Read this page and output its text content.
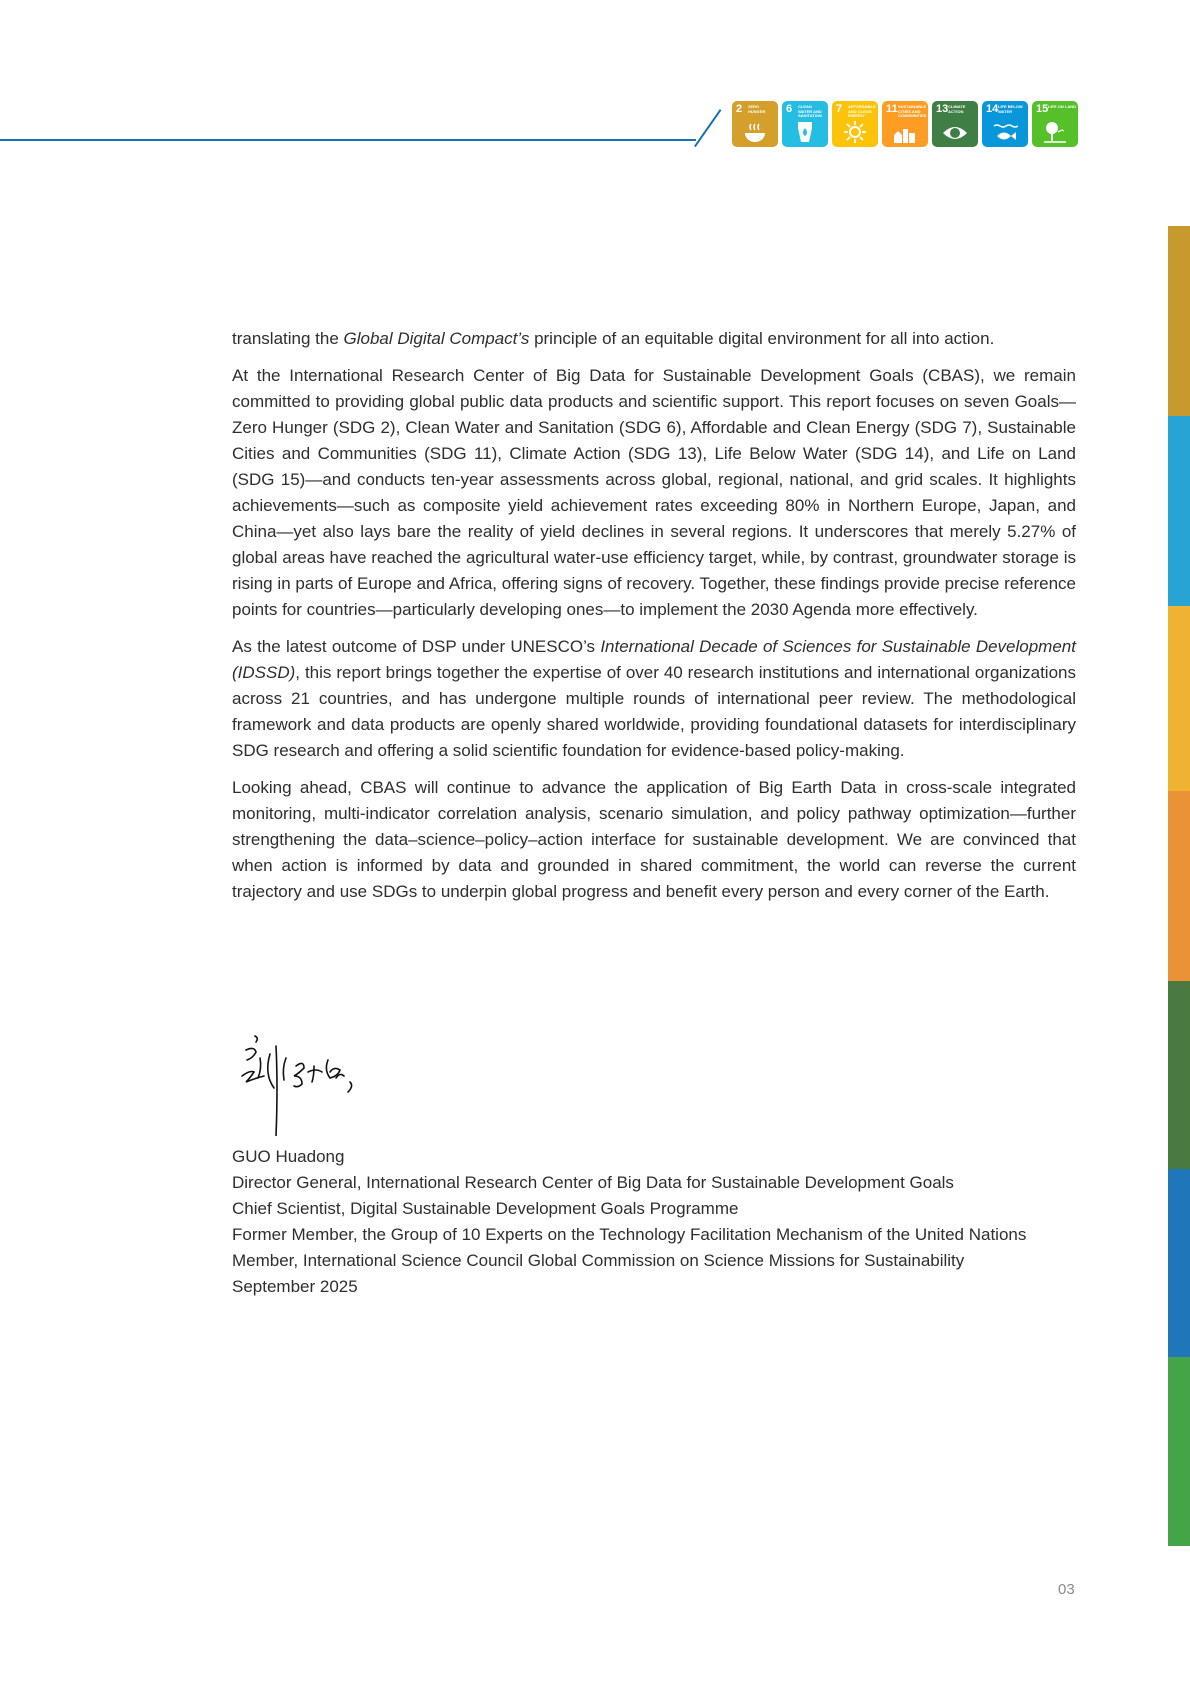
2 ZERO HUNGER	6 CLEAN WATER AND SANITATION
7 AFFORDABLE AND CLEAN ENERGY
11 SUSTAINABLE CITIES AND COMMUNITIES
13 CLIMATE ACTION	14 LIFE BELOW WATER	15 LIFE ON LAND

translating the Global Digital Compact’s principle of an equitable digital environment for all into action.

At the International Research Center of Big Data for Sustainable Development Goals (CBAS), we remain committed to providing global public data products and scientific support. This report focuses on seven Goals—Zero Hunger (SDG 2), Clean Water and Sanitation (SDG 6), Affordable and Clean Energy (SDG 7), Sustainable Cities and Communities (SDG 11), Climate Action (SDG 13), Life Below Water (SDG 14), and Life on Land (SDG 15)—and conducts ten-year assessments across global, regional, national, and grid scales. It highlights achievements—such as composite yield achievement rates exceeding 80% in Northern Europe, Japan, and China—yet also lays bare the reality of yield declines in several regions. It underscores that merely 5.27% of global areas have reached the agricultural water-use efficiency target, while, by contrast, groundwater storage is rising in parts of Europe and Africa, offering signs of recovery. Together, these findings provide precise reference points for countries—particularly developing ones—to implement the 2030 Agenda more effectively.

As the latest outcome of DSP under UNESCO’s International Decade of Sciences for Sustainable Development (IDSSD), this report brings together the expertise of over 40 research institutions and international organizations across 21 countries, and has undergone multiple rounds of international peer review. The methodological framework and data products are openly shared worldwide, providing foundational datasets for interdisciplinary SDG research and offering a solid scientific foundation for evidence-based policy-making.

Looking ahead, CBAS will continue to advance the application of Big Earth Data in cross-scale integrated monitoring, multi-indicator correlation analysis, scenario simulation, and policy pathway optimization—further strengthening the data–science–policy–action interface for sustainable development. We are convinced that when action is informed by data and grounded in shared commitment, the world can reverse the current trajectory and use SDGs to underpin global progress and benefit every person and every corner of the Earth.

GUO Huadong
Director General, International Research Center of Big Data for Sustainable Development Goals
Chief Scientist, Digital Sustainable Development Goals Programme
Former Member, the Group of 10 Experts on the Technology Facilitation Mechanism of the United Nations
Member, International Science Council Global Commission on Science Missions for Sustainability
September 2025
03
